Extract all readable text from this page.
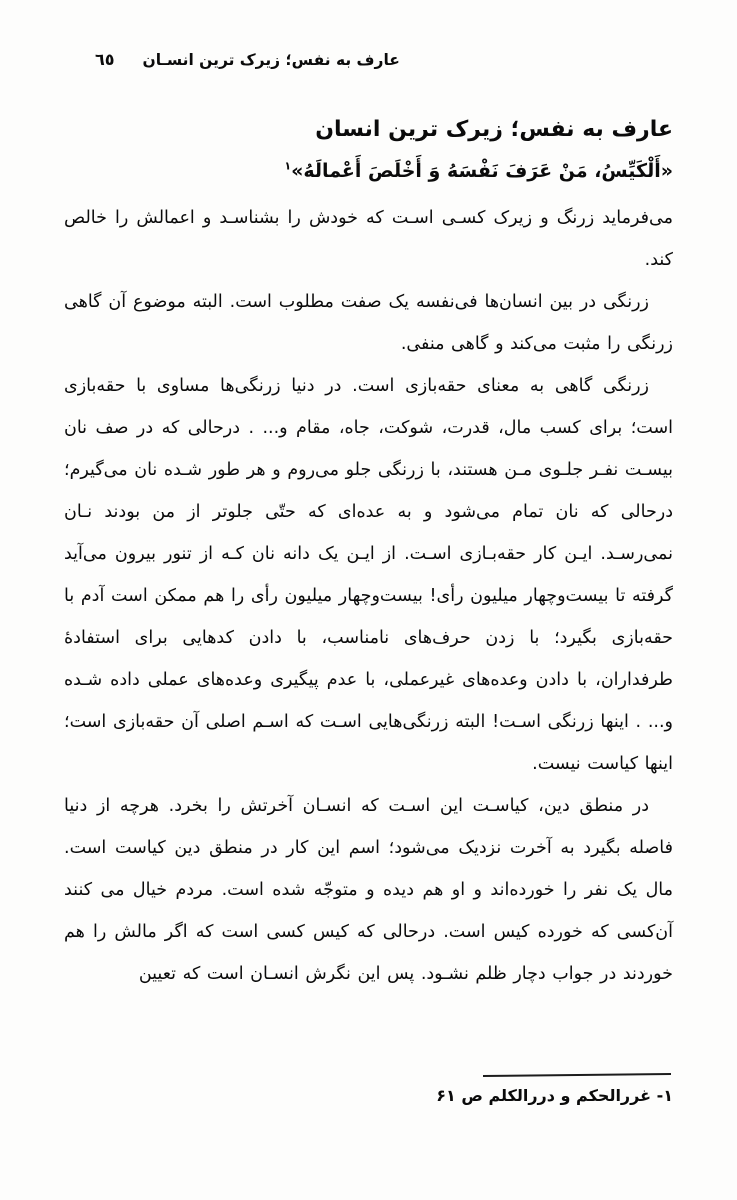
عارف به نفس؛ زیرک ترین انسـان
٦٥
عارف به نفس؛ زیرک ترین انسان
«أَلْكَيِّسُ، مَنْ عَرَفَ نَفْسَهُ وَ أَخْلَصَ أَعْمالَهُ»$^۱$

می‌فرماید زرنگ و زیرک کسـی اسـت که خودش را بشناسـد و اعمالش را خالص کند.

زرنگی در بین انسان‌ها فی‌نفسه یک صفت مطلوب است. البته موضوع آن گاهی زرنگی را مثبت می‌کند و گاهی منفی.

زرنگی گاهی به معنای حقه‌بازی است. در دنیا زرنگی‌ها مساوی با حقه‌بازی است؛ برای کسب مال، قدرت، شوکت، جاه، مقام و... . درحالی که در صف نان بیسـت نفـر جلـوی مـن هستند، با زرنگی جلو می‌روم و هر طور شـده نان می‌گیرم؛ درحالی که نان تمام می‌شود و به عده‌ای که حتّی جلوتر از من بودند نـان نمی‌رسـد. ایـن کار حقه‌بـازی اسـت. از ایـن یک دانه نان کـه از تنور بیرون می‌آید گرفته تا بیست‌وچهار میلیون رأی! بیست‌وچهار میلیون رأی را هم ممکن است آدم با حقه‌بازی بگیرد؛ با زدن حرف‌های نامناسب، با دادن کدهایی برای استفادهٔ طرفداران، با دادن وعده‌های غیرعملی، با عدم پیگیری وعده‌های عملی داده شـده و... . اینها زرنگی اسـت! البته زرنگی‌هایی اسـت که اسـم اصلی آن حقه‌بازی است؛ اینها کیاست نیست.

در منطق دین، کیاسـت این اسـت که انسـان آخرتش را بخرد. هرچه از دنیا فاصله بگیرد به آخرت نزدیک می‌شود؛ اسم این کار در منطق دین کیاست است. مال یک نفر را خورده‌اند و او هم دیده و متوجّه شده است. مردم خیال می کنند آن‌کسی که خورده کیس است. درحالی که کیس کسی است که اگر مالش را هم خوردند در جواب دچار ظلم نشـود. پس این نگرش انسـان است که تعیین

۱- غررالحکم و دررالکلم ص ۶۱
